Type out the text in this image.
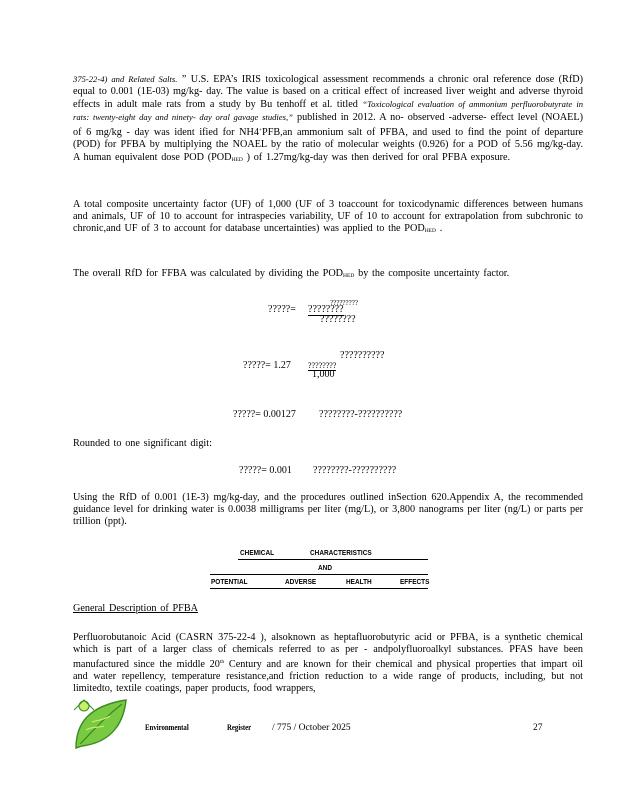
375-22-4) and Related Salts. ” U.S. EPA’s IRIS toxicological assessment recommends a chronic oral reference dose (RfD) equal to 0.001 (1E-03) mg/kg- day. The value is based on a critical effect of increased liver weight and adverse thyroid effects in adult male rats from a study by Bu tenhoff et al. titled “Toxicological evaluation of ammonium perfluorobutyrate in rats: twenty-eight day and ninety- day oral gavage studies,” published in 2012. A no- observed -adverse- effect level (NOAEL) of 6 mg/kg - day was ident ified for NH4+PFB,an ammonium salt of PFBA, and used to find the point of departure (POD) for PFBA by multiplying the NOAEL by the ratio of molecular weights (0.926) for a POD of 5.56 mg/kg-day. A human equivalent dose POD (PODHED ) of 1.27mg/kg-day was then derived for oral PFBA exposure.
A total composite uncertainty factor (UF) of 1,000 (UF of 3 toaccount for toxicodynamic differences between humans and animals, UF of 10 to account for intraspecies variability, UF of 10 to account for extrapolation from subchronic to chronic,and UF of 3 to account for database uncertainties) was applied to the PODHED .
The overall RfD for FFBA was calculated by dividing the PODHED by the composite uncertainty factor.
?????= ????????
?????????
????????
?????= 1.27 ????????
??????????
1,000
?????= 0.00127 ????????-??????????
Rounded to one significant digit:
?????= 0.001 ????????-??????????
Using the RfD of 0.001 (1E-3) mg/kg-day, and the procedures outlined inSection 620.Appendix A, the recommended guidance level for drinking water is 0.0038 milligrams per liter (mg/L), or 3,800 nanograms per liter (ng/L) or parts per trillion (ppt).
CHEMICAL	CHARACTERISTICS
AND
POTENTIAL	ADVERSE	HEALTH	EFFECTS
General Description of PFBA
Perfluorobutanoic Acid (CASRN 375-22-4 ), alsoknown as heptafluorobutyric acid or PFBA, is a synthetic chemical which is part of a larger class of chemicals referred to as per - andpolyfluoroalkyl substances. PFAS have been manufactured since the middle 20th Century and are known for their chemical and physical properties that impart oil and water repellency, temperature resistance,and friction reduction to a wide range of products, including, but not limitedto, textile coatings, paper products, food wrappers,
Environmental	Register / 775 / October 2025	27
